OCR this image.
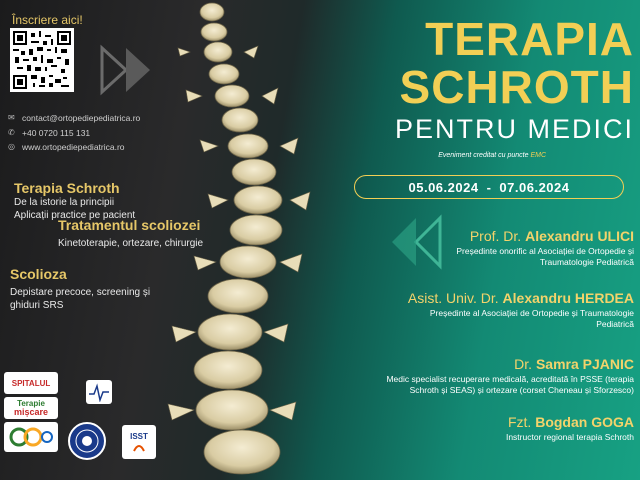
Înscriere aici!
✉ contact@ortopediepediatrica.ro
✆ +40 0720 115 131
◎ www.ortopediepediatrica.ro
Terapia Schroth
De la istorie la principii
Aplicații practice pe pacient
Tratamentul scoliozei
Kinetoterapie, ortezare, chirurgie
Scolioza
Depistare precoce, screening și
ghiduri SRS
SPITALUL
Terapie
mișcare
ISST
TERAPIA
SCHROTH
PENTRU MEDICI
Eveniment creditat cu puncte EMC
05.06.2024 - 07.06.2024
Prof. Dr. Alexandru ULICI
Președinte onorific al Asociației de Ortopedie și
Traumatologie Pediatrică
Asist. Univ. Dr. Alexandru HERDEA
Președinte al Asociației de Ortopedie și Traumatologie
Pediatrică
Dr. Samra PJANIC
Medic specialist recuperare medicală, acreditată în PSSE (terapia
Schroth și SEAS) și ortezare (corset Cheneau și Sforzesco)
Fzt. Bogdan GOGA
Instructor regional terapia Schroth
